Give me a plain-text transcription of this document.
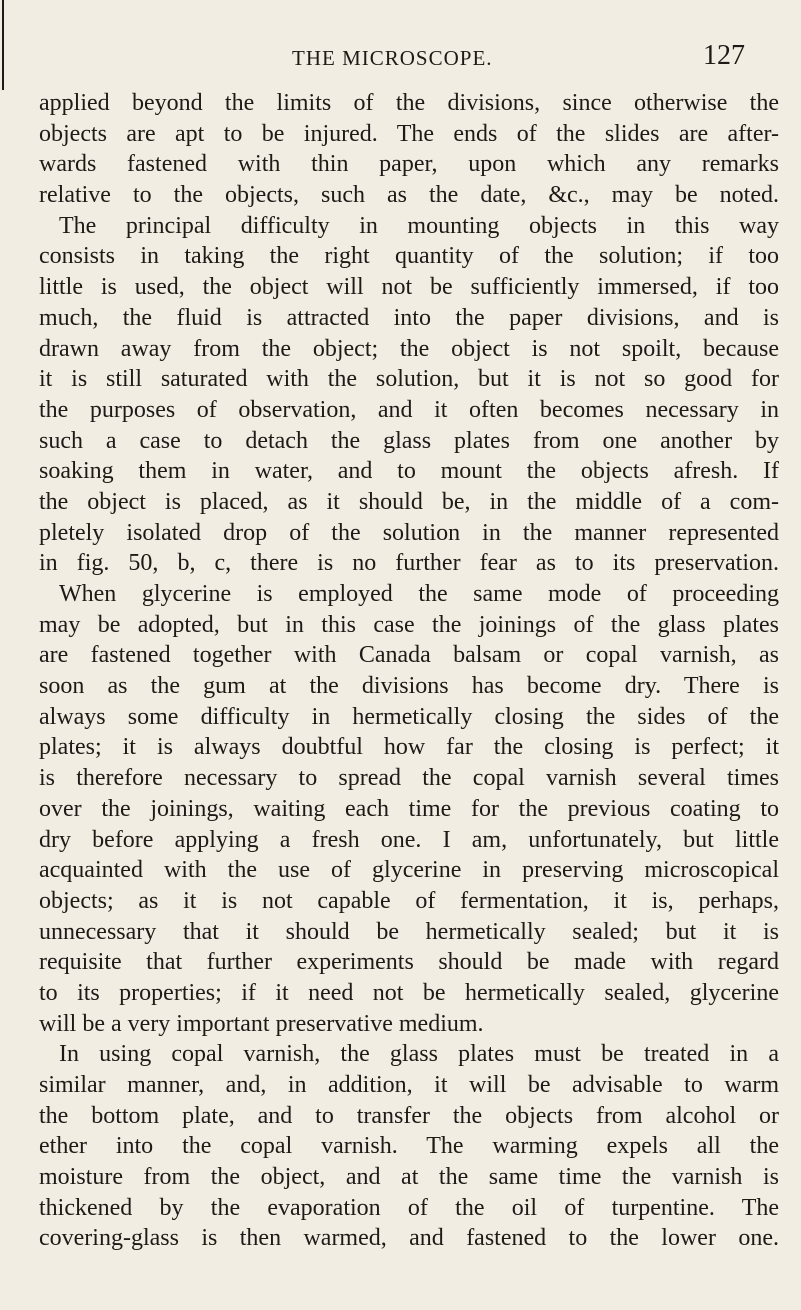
THE MICROSCOPE.	127
applied beyond the limits of the divisions, since otherwise the
objects are apt to be injured. The ends of the slides are after-
wards fastened with thin paper, upon which any remarks
relative to the objects, such as the date, &c., may be noted.
The principal difficulty in mounting objects in this way
consists in taking the right quantity of the solution; if too
little is used, the object will not be sufficiently immersed, if too
much, the fluid is attracted into the paper divisions, and is
drawn away from the object; the object is not spoilt, because
it is still saturated with the solution, but it is not so good for
the purposes of observation, and it often becomes necessary in
such a case to detach the glass plates from one another by
soaking them in water, and to mount the objects afresh. If
the object is placed, as it should be, in the middle of a com-
pletely isolated drop of the solution in the manner represented
in fig. 50, b, c, there is no further fear as to its preservation.
When glycerine is employed the same mode of proceeding
may be adopted, but in this case the joinings of the glass plates
are fastened together with Canada balsam or copal varnish, as
soon as the gum at the divisions has become dry. There is
always some difficulty in hermetically closing the sides of the
plates; it is always doubtful how far the closing is perfect; it
is therefore necessary to spread the copal varnish several times
over the joinings, waiting each time for the previous coating to
dry before applying a fresh one. I am, unfortunately, but little
acquainted with the use of glycerine in preserving microscopical
objects; as it is not capable of fermentation, it is, perhaps,
unnecessary that it should be hermetically sealed; but it is
requisite that further experiments should be made with regard
to its properties; if it need not be hermetically sealed, glycerine
will be a very important preservative medium.
In using copal varnish, the glass plates must be treated in a
similar manner, and, in addition, it will be advisable to warm
the bottom plate, and to transfer the objects from alcohol or
ether into the copal varnish. The warming expels all the
moisture from the object, and at the same time the varnish is
thickened by the evaporation of the oil of turpentine. The
covering-glass is then warmed, and fastened to the lower one.
